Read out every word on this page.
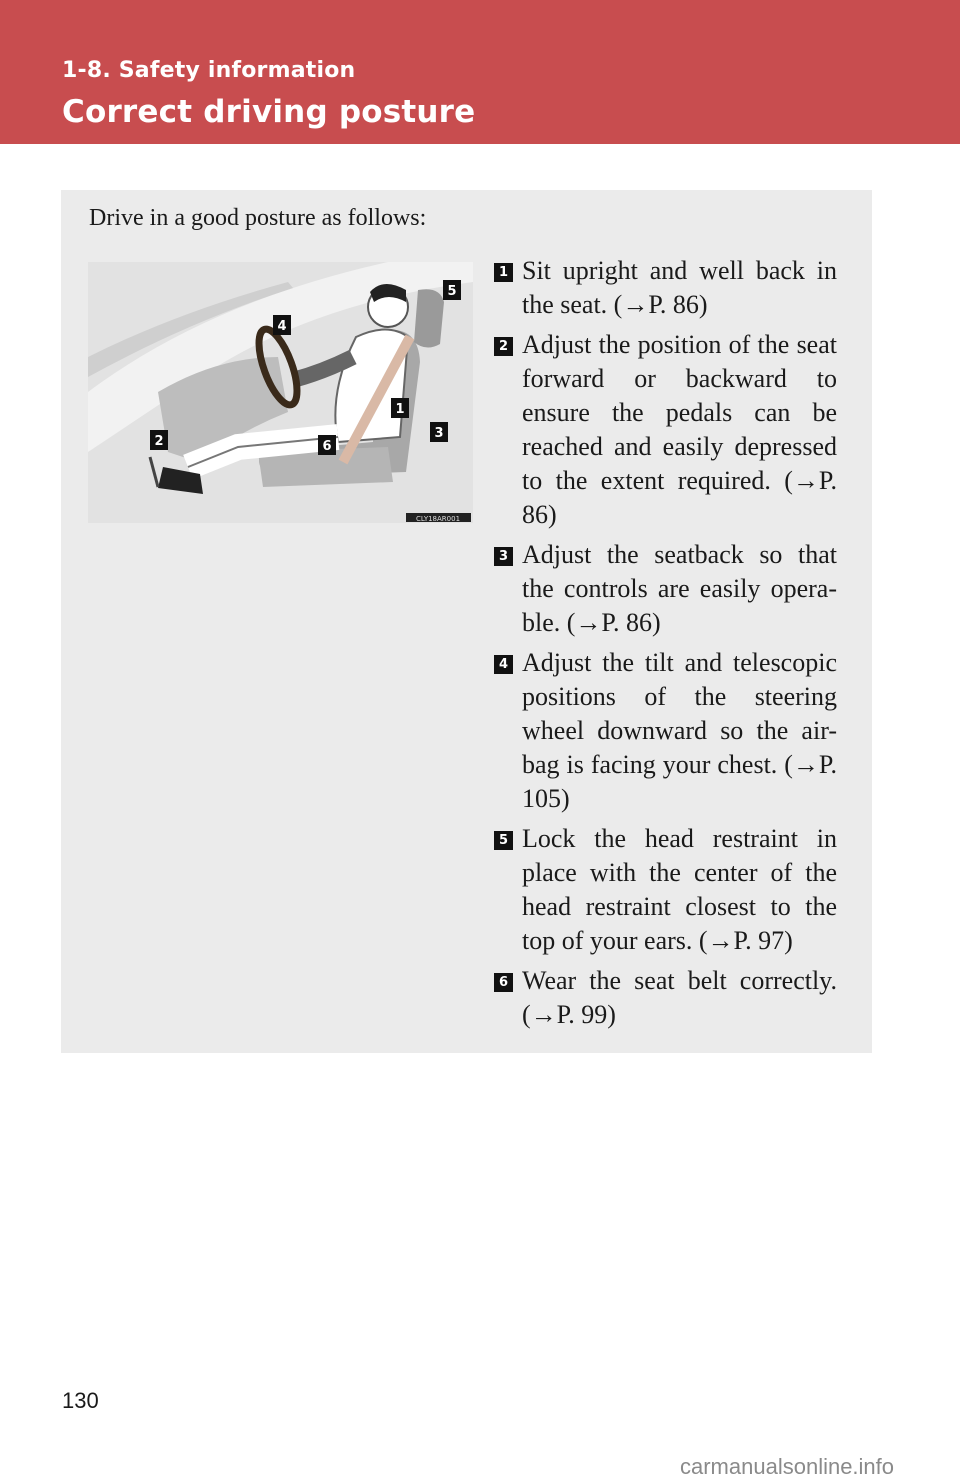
1-8. Safety information
Correct driving posture
Drive in a good posture as follows:
5
4
1
3
2	6
CLY18AR001
1 Sit upright and well back in the seat. (→P. 86)
2 Adjust the position of the seat forward or backward to ensure the pedals can be reached and easily depressed to the extent required. (→P. 86)
3 Adjust the seatback so that the controls are easily opera-ble. (→P. 86)
4 Adjust the tilt and telescopic positions of the steering wheel downward so the air-bag is facing your chest. (→P. 105)
5 Lock the head restraint in place with the center of the head restraint closest to the top of your ears. (→P. 97)
6 Wear the seat belt correctly. (→P. 99)
130
carmanualsonline.info
